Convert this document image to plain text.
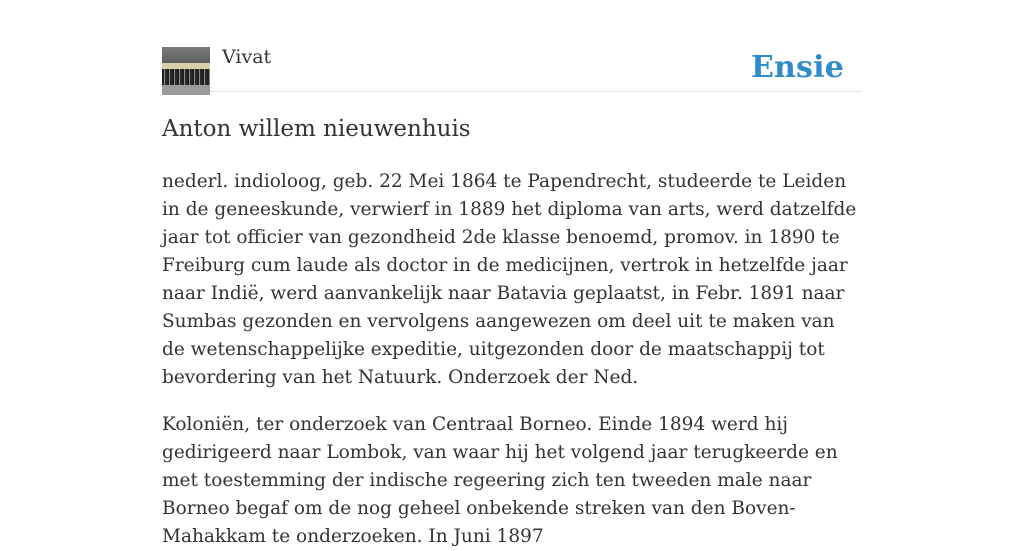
Vivat	Ensie
Anton willem nieuwenhuis

nederl. indioloog, geb. 22 Mei 1864 te Papendrecht, studeerde te Leiden in de geneeskunde, verwierf in 1889 het diploma van arts, werd datzelfde jaar tot officier van gezondheid 2de klasse benoemd, promov. in 1890 te Freiburg cum laude als doctor in de medicijnen, vertrok in hetzelfde jaar naar Indië, werd aanvankelijk naar Batavia geplaatst, in Febr. 1891 naar Sumbas gezonden en vervolgens aangewezen om deel uit te maken van de wetenschappelijke expeditie, uitgezonden door de maatschappij tot bevordering van het Natuurk. Onderzoek der Ned.

Koloniën, ter onderzoek van Centraal Borneo. Einde 1894 werd hij gedirigeerd naar Lombok, van waar hij het volgend jaar terugkeerde en met toestemming der indische regeering zich ten tweeden male naar Borneo begaf om de nog geheel onbekende streken van den Boven-Mahakkam te onderzoeken. In Juni 1897
